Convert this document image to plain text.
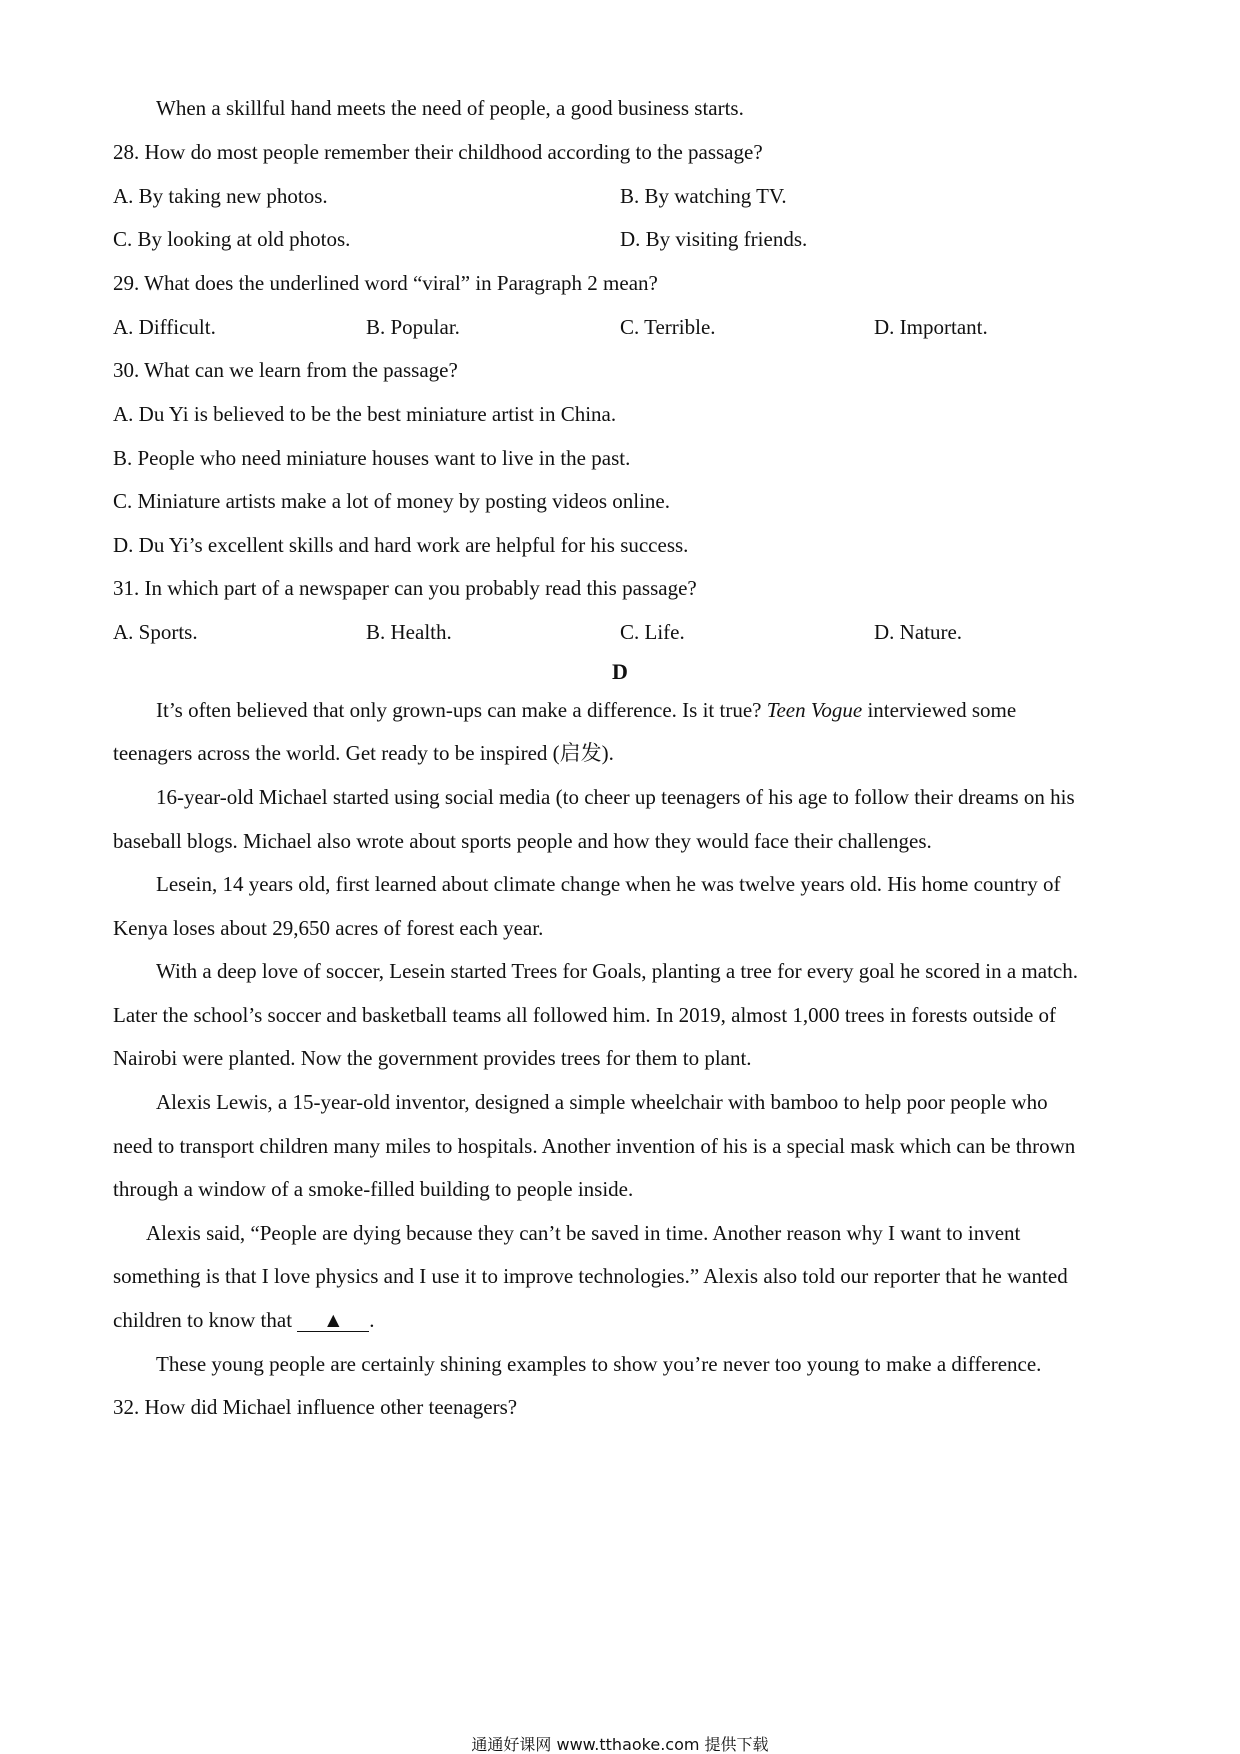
When a skillful hand meets the need of people, a good business starts.
28. How do most people remember their childhood according to the passage?
A. By taking new photos.	B. By watching TV.
C. By looking at old photos.	D. By visiting friends.
29. What does the underlined word “viral” in Paragraph 2 mean?
A. Difficult.	B. Popular.	C. Terrible.	D. Important.
30. What can we learn from the passage?
A. Du Yi is believed to be the best miniature artist in China.
B. People who need miniature houses want to live in the past.
C. Miniature artists make a lot of money by posting videos online.
D. Du Yi’s excellent skills and hard work are helpful for his success.
31. In which part of a newspaper can you probably read this passage?
A. Sports.	B. Health.	C. Life.	D. Nature.
D
It’s often believed that only grown-ups can make a difference. Is it true? Teen Vogue interviewed some
teenagers across the world. Get ready to be inspired (启发).
16-year-old Michael started using social media (to cheer up teenagers of his age to follow their dreams on his
baseball blogs. Michael also wrote about sports people and how they would face their challenges.
Lesein, 14 years old, first learned about climate change when he was twelve years old. His home country of
Kenya loses about 29,650 acres of forest each year.
With a deep love of soccer, Lesein started Trees for Goals, planting a tree for every goal he scored in a match.
Later the school’s soccer and basketball teams all followed him. In 2019, almost 1,000 trees in forests outside of
Nairobi were planted. Now the government provides trees for them to plant.
Alexis Lewis, a 15-year-old inventor, designed a simple wheelchair with bamboo to help poor people who
need to transport children many miles to hospitals. Another invention of his is a special mask which can be thrown
through a window of a smoke-filled building to people inside.
Alexis said, “People are dying because they can’t be saved in time. Another reason why I want to invent
something is that I love physics and I use it to improve technologies.” Alexis also told our reporter that he wanted
children to know that ▲ .
These young people are certainly shining examples to show you’re never too young to make a difference.
32. How did Michael influence other teenagers?
通通好课网 www.tthaoke.com 提供下载
